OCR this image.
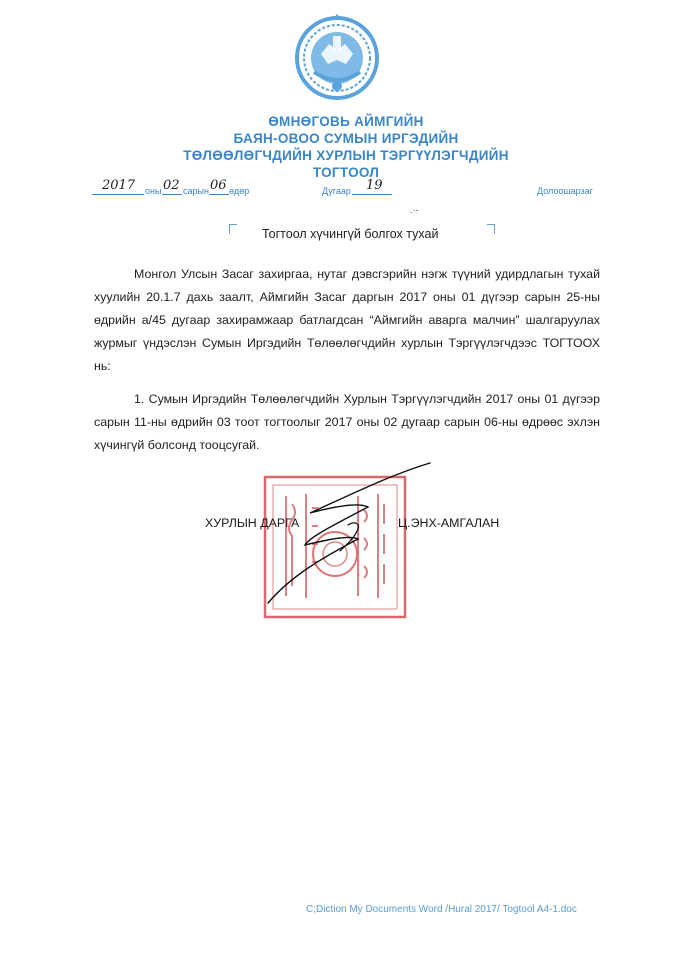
ӨМНӨГОВЬ АЙМГИЙН
БАЯН-ОВОО СУМЫН ИРГЭДИЙН
ТӨЛӨӨЛӨГЧДИЙН ХУРЛЫН ТЭРГҮҮЛЭГЧДИЙН
ТОГТООЛ
2017 оны 02 сарын 06 өдөр	Дугаар 19	Долоошарзаг
.·-
Тогтоол хүчингүй болгох тухай
Монгол Улсын Засаг захиргаа, нутаг дэвсгэрийн нэгж түүний удирдлагын тухай хуулийн 20.1.7 дахь заалт, Аймгийн Засаг даргын 2017 оны 01 дүгээр сарын 25-ны өдрийн а/45 дугаар захирамжаар батлагдсан “Аймгийн аварга малчин” шалгаруулах журмыг үндэслэн Сумын Иргэдийн Төлөөлөгчдийн хурлын Тэргүүлэгчдээс ТОГТООХ нь:
1. Сумын Иргэдийн Төлөөлөгчдийн Хурлын Тэргүүлэгчдийн 2017 оны 01 дүгээр сарын 11-ны өдрийн 03 тоот тогтоолыг 2017 оны 02 дугаар сарын 06-ны өдрөөс эхлэн хүчингүй болсонд тооцсугай.
ХУРЛЫН ДАРГА	Ц.ЭНХ-АМГАЛАН
C;Diction My Documents Word /Hural 2017/ Togtool A4-1.doc
